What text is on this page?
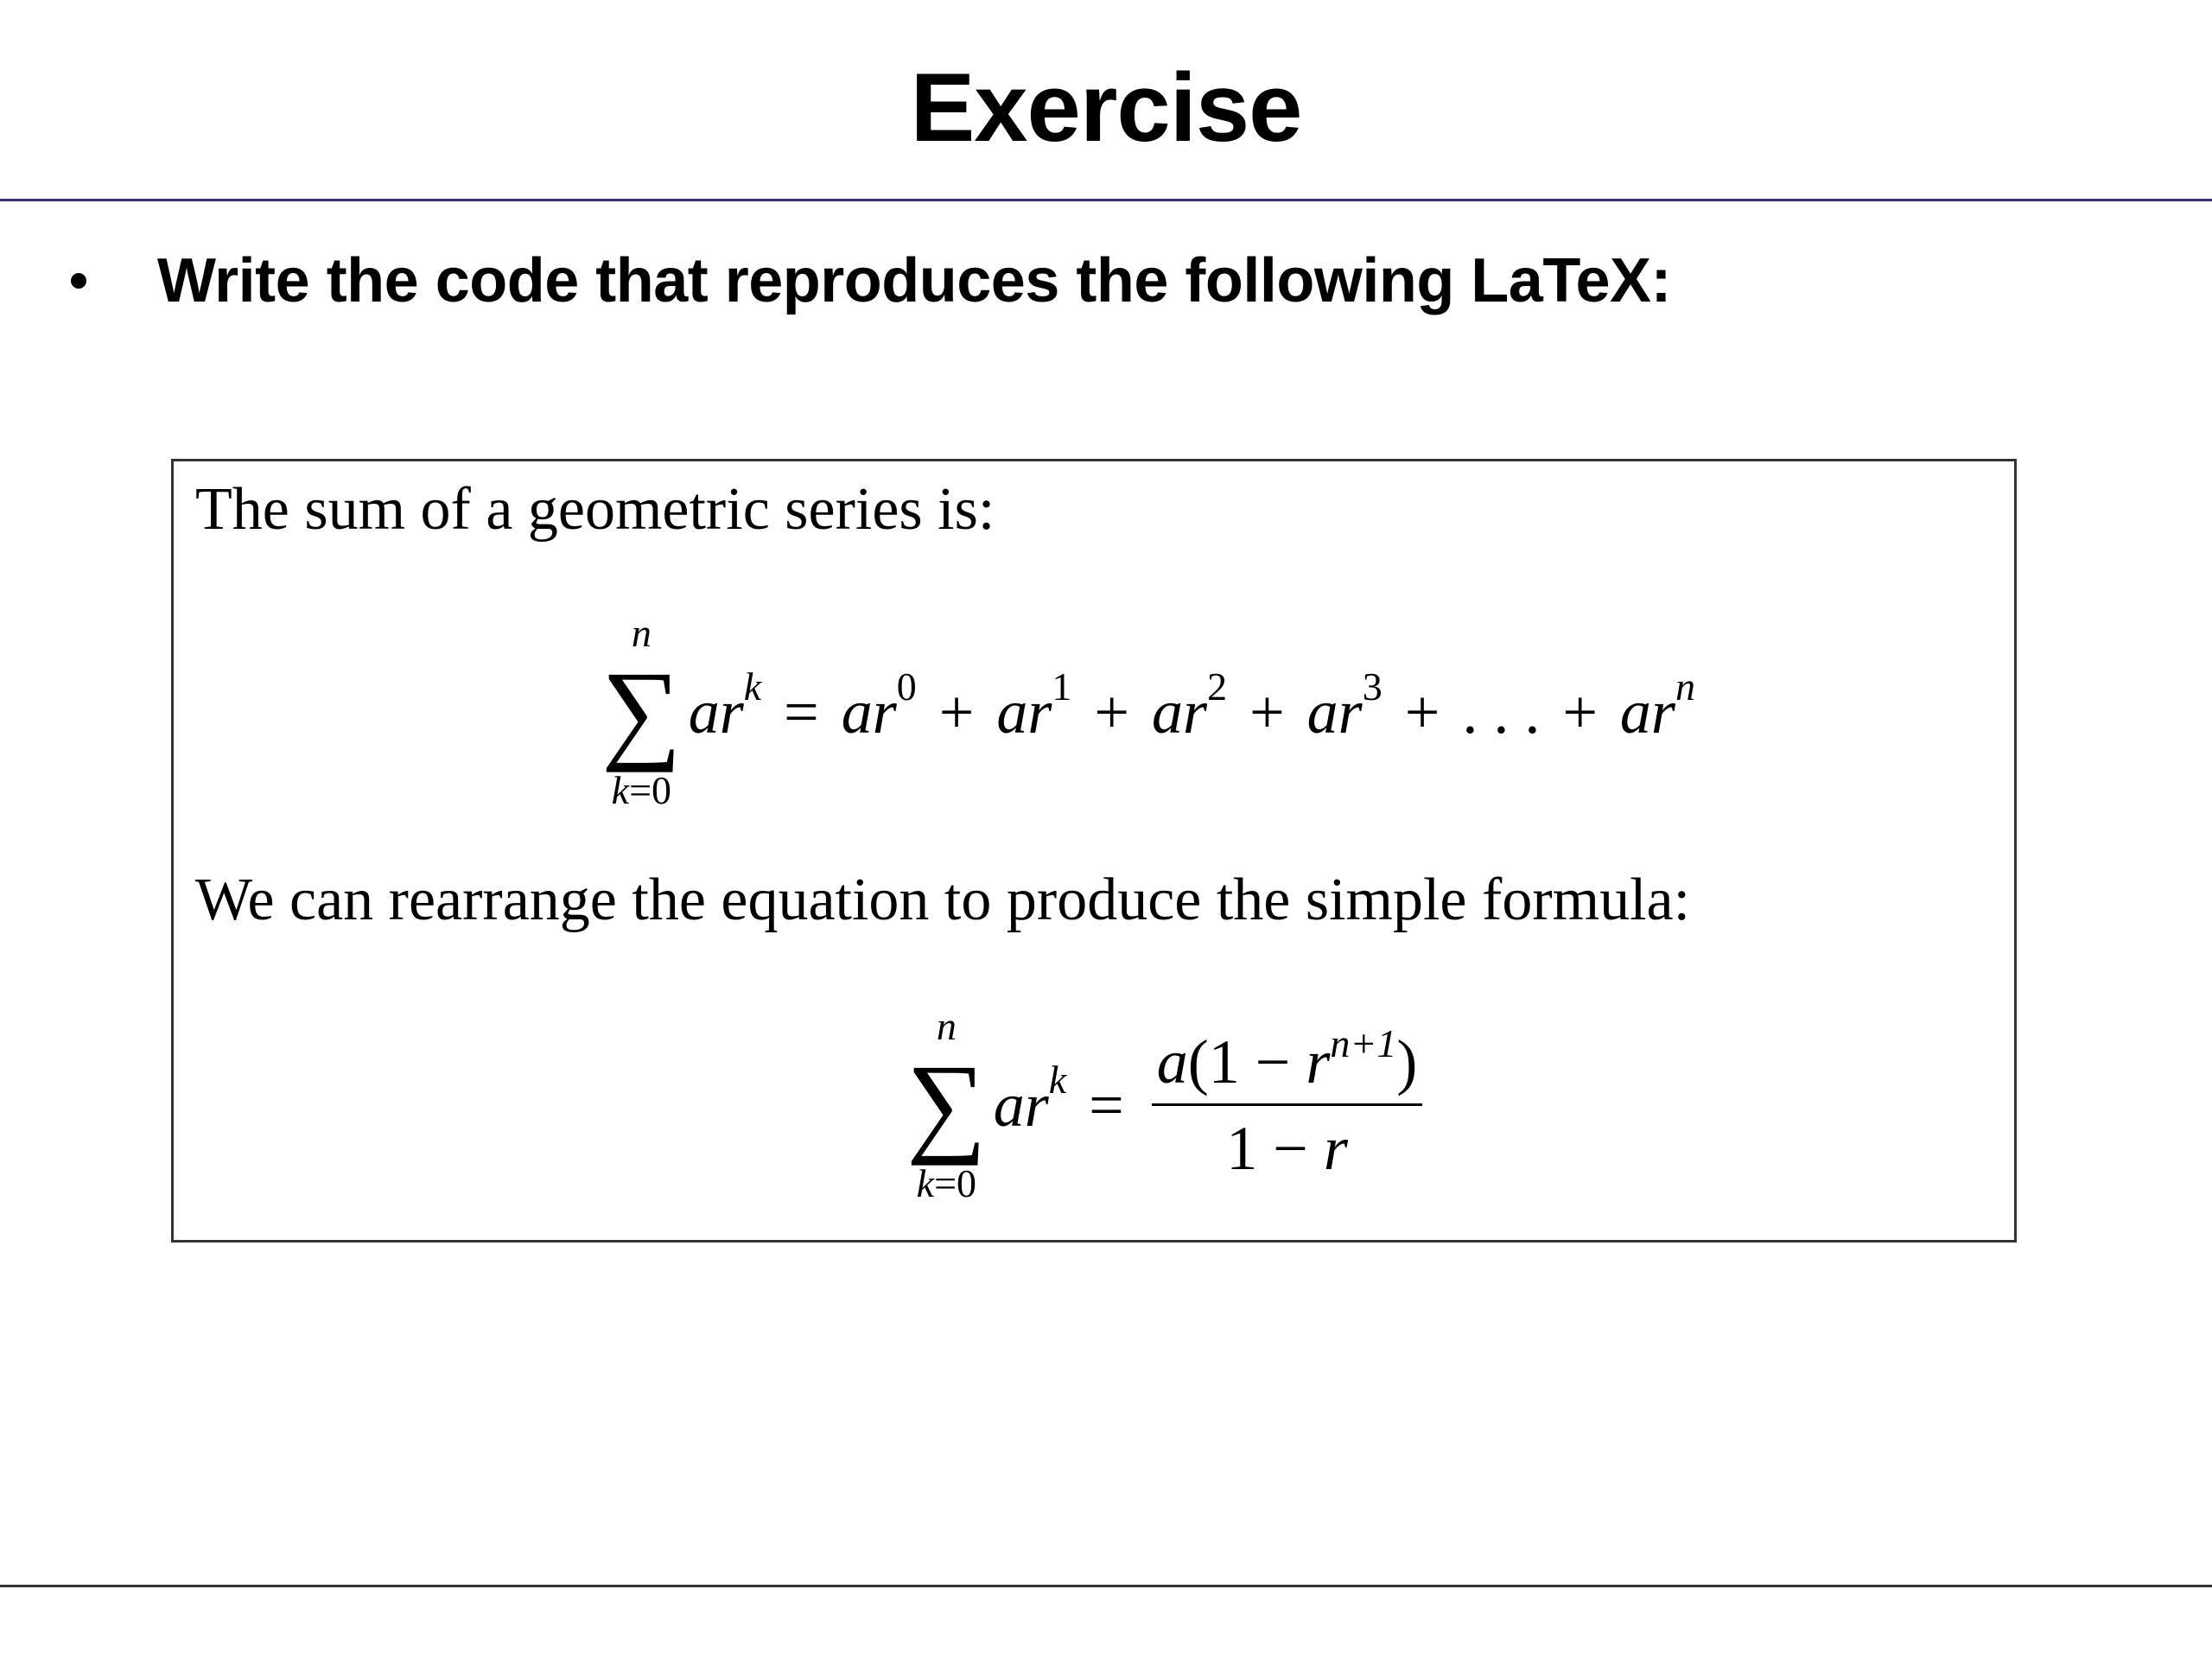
Exercise
Write the code that reproduces the following LaTeX:
The sum of a geometric series is:
n
∑
k=0
$ar^k = ar^0 + ar^1 + ar^2 + ar^3$ + . . . + $ar^n$
We can rearrange the equation to produce the simple formula:
n
∑
k=0
$ar^k = \frac{a(1 - r^{n+1})}{1 - r}$
